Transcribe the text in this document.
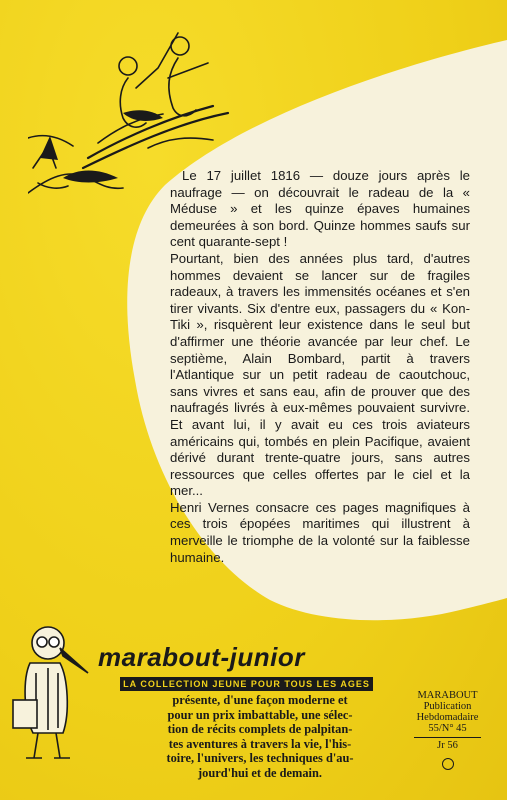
Le 17 juillet 1816 — douze jours après le naufrage — on découvrait le radeau de la « Méduse » et les quinze épaves humaines demeurées à son bord. Quinze hommes saufs sur cent quarante-sept !

Pourtant, bien des années plus tard, d'autres hommes devaient se lancer sur de fragiles radeaux, à travers les immensités océanes et s'en tirer vivants. Six d'entre eux, passagers du « Kon-Tiki », risquèrent leur existence dans le seul but d'affirmer une théorie avancée par leur chef. Le septième, Alain Bombard, partit à travers l'Atlantique sur un petit radeau de caoutchouc, sans vivres et sans eau, afin de prouver que des naufragés livrés à eux-mêmes pouvaient survivre. Et avant lui, il y avait eu ces trois aviateurs américains qui, tombés en plein Pacifique, avaient dérivé durant trente-quatre jours, sans autres ressources que celles offertes par le ciel et la mer...

Henri Vernes consacre ces pages magnifiques à ces trois épopées maritimes qui illustrent à merveille le triomphe de la volonté sur la faiblesse humaine.

marabout-junior
LA COLLECTION JEUNE POUR TOUS LES AGES
présente, d'une façon moderne et
pour un prix imbattable, une sélec-
tion de récits complets de palpitan-
tes aventures à travers la vie, l'his-
toire, l'univers, les techniques d'au-
jourd'hui et de demain.
MARABOUT
Publication
Hebdomadaire
55/N° 45
Jr 56
